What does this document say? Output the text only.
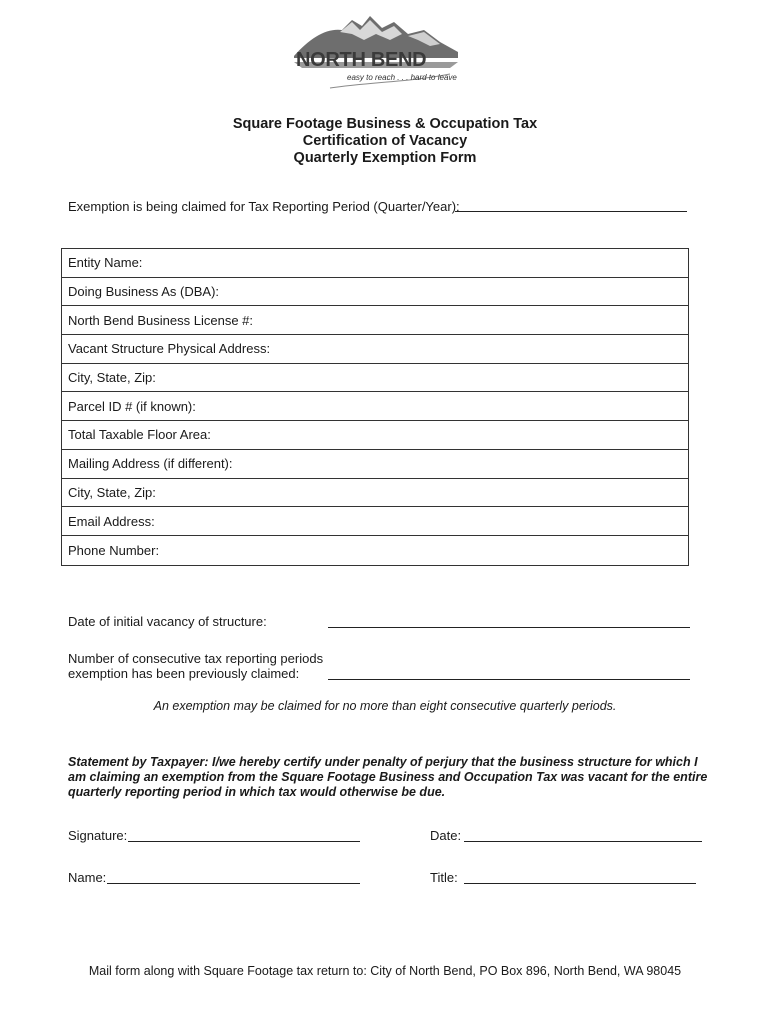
NORTH BEND
easy to reach . . . hard to leave
Square Footage Business & Occupation Tax
Certification of Vacancy
Quarterly Exemption Form
Exemption is being claimed for Tax Reporting Period (Quarter/Year):
Entity Name:
Doing Business As (DBA):
North Bend Business License #:
Vacant Structure Physical Address:
City, State, Zip:
Parcel ID # (if known):
Total Taxable Floor Area:
Mailing Address (if different):
City, State, Zip:
Email Address:
Phone Number:
Date of initial vacancy of structure:
Number of consecutive tax reporting periods
exemption has been previously claimed:
An exemption may be claimed for no more than eight consecutive quarterly periods.
Statement by Taxpayer: I/we hereby certify under penalty of perjury that the business structure for which I am claiming an exemption from the Square Footage Business and Occupation Tax was vacant for the entire quarterly reporting period in which tax would otherwise be due.
Signature:	Date:
Name:	Title:
Mail form along with Square Footage tax return to: City of North Bend, PO Box 896, North Bend, WA 98045
